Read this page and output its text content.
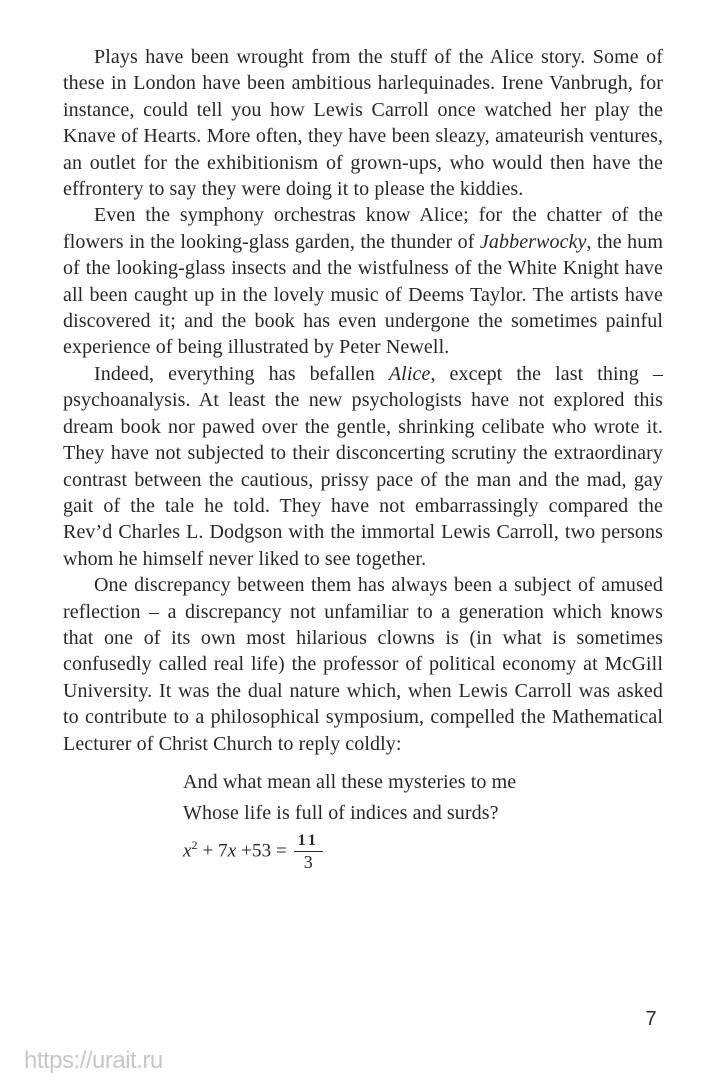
Plays have been wrought from the stuff of the Alice story. Some of these in London have been ambitious harlequinades. Irene Vanbrugh, for instance, could tell you how Lewis Carroll once watched her play the Knave of Hearts. More often, they have been sleazy, amateurish ventures, an outlet for the exhibitionism of grown-ups, who would then have the effrontery to say they were doing it to please the kiddies.

Even the symphony orchestras know Alice; for the chatter of the flowers in the looking-glass garden, the thunder of Jabberwocky, the hum of the looking-glass insects and the wistfulness of the White Knight have all been caught up in the lovely music of Deems Taylor. The artists have discovered it; and the book has even undergone the sometimes painful experience of being illustrated by Peter Newell.

Indeed, everything has befallen Alice, except the last thing – psychoanalysis. At least the new psychologists have not explored this dream book nor pawed over the gentle, shrinking celibate who wrote it. They have not subjected to their disconcerting scrutiny the extraordinary contrast between the cautious, prissy pace of the man and the mad, gay gait of the tale he told. They have not embarrassingly compared the Rev’d Charles L. Dodgson with the immortal Lewis Carroll, two persons whom he himself never liked to see together.

One discrepancy between them has always been a subject of amused reflection – a discrepancy not unfamiliar to a generation which knows that one of its own most hilarious clowns is (in what is sometimes confusedly called real life) the professor of political economy at McGill University. It was the dual nature which, when Lewis Carroll was asked to contribute to a philosophical symposium, compelled the Mathematical Lecturer of Christ Church to reply coldly:

And what mean all these mysteries to me
Whose life is full of indices and surds?
$x^2 + 7x +53 = \frac{11}{3}$
7
https://urait.ru
